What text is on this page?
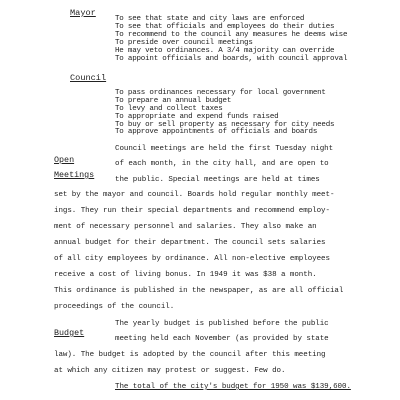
Mayor
To see that state and city laws are enforced
To see that officials and employees do their duties
To recommend to the council any measures he deems wise
To preside over council meetings
He may veto ordinances. A 3/4 majority can override
To appoint officials and boards, with council approval
Council
To pass ordinances necessary for local government
To prepare an annual budget
To levy and collect taxes
To appropriate and expend funds raised
To buy or sell property as necessary for city needs
To approve appointments of officials and boards
Council meetings are held the first Tuesday night
Open	of each month, in the city hall, and are open to
Meetings	the public. Special meetings are held at times
set by the mayor and council. Boards hold regular monthly meet-
ings. They run their special departments and recommend employ-
ment of necessary personnel and salaries. They also make an
annual budget for their department. The council sets salaries
of all city employees by ordinance. All non-elective employees
receive a cost of living bonus. In 1949 it was $38 a month.
This ordinance is published in the newspaper, as are all official
proceedings of the council.
The yearly budget is published before the public
Budget
meeting held each November (as provided by state
law). The budget is adopted by the council after this meeting
at which any citizen may protest or suggest. Few do.
The total of the city's budget for 1950 was $139,600.
